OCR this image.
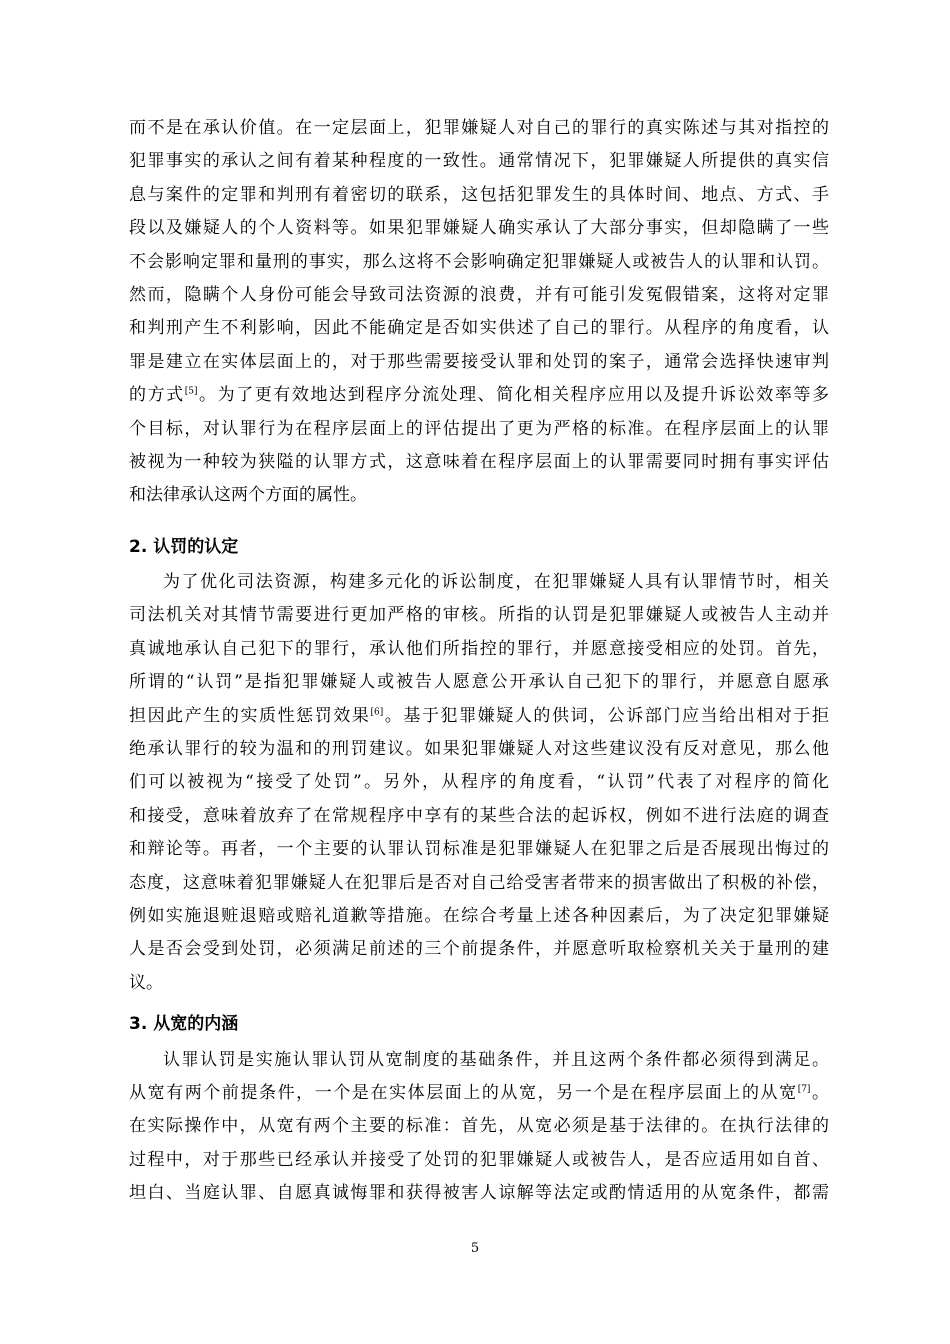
而不是在承认价值。在一定层面上，犯罪嫌疑人对自己的罪行的真实陈述与其对指控的
犯罪事实的承认之间有着某种程度的一致性。通常情况下，犯罪嫌疑人所提供的真实信
息与案件的定罪和判刑有着密切的联系，这包括犯罪发生的具体时间、地点、方式、手
段以及嫌疑人的个人资料等。如果犯罪嫌疑人确实承认了大部分事实，但却隐瞒了一些
不会影响定罪和量刑的事实，那么这将不会影响确定犯罪嫌疑人或被告人的认罪和认罚。
然而，隐瞒个人身份可能会导致司法资源的浪费，并有可能引发冤假错案，这将对定罪
和判刑产生不利影响，因此不能确定是否如实供述了自己的罪行。从程序的角度看，认
罪是建立在实体层面上的，对于那些需要接受认罪和处罚的案子，通常会选择快速审判
的方式[5]。为了更有效地达到程序分流处理、简化相关程序应用以及提升诉讼效率等多
个目标，对认罪行为在程序层面上的评估提出了更为严格的标准。在程序层面上的认罪
被视为一种较为狭隘的认罪方式，这意味着在程序层面上的认罪需要同时拥有事实评估
和法律承认这两个方面的属性。
2. 认罚的认定
为了优化司法资源，构建多元化的诉讼制度，在犯罪嫌疑人具有认罪情节时，相关
司法机关对其情节需要进行更加严格的审核。所指的认罚是犯罪嫌疑人或被告人主动并
真诚地承认自己犯下的罪行，承认他们所指控的罪行，并愿意接受相应的处罚。首先，
所谓的“认罚”是指犯罪嫌疑人或被告人愿意公开承认自己犯下的罪行，并愿意自愿承
担因此产生的实质性惩罚效果[6]。基于犯罪嫌疑人的供词，公诉部门应当给出相对于拒
绝承认罪行的较为温和的刑罚建议。如果犯罪嫌疑人对这些建议没有反对意见，那么他
们可以被视为“接受了处罚”。另外，从程序的角度看，“认罚”代表了对程序的简化
和接受，意味着放弃了在常规程序中享有的某些合法的起诉权，例如不进行法庭的调查
和辩论等。再者，一个主要的认罪认罚标准是犯罪嫌疑人在犯罪之后是否展现出悔过的
态度，这意味着犯罪嫌疑人在犯罪后是否对自己给受害者带来的损害做出了积极的补偿，
例如实施退赃退赔或赔礼道歉等措施。在综合考量上述各种因素后，为了决定犯罪嫌疑
人是否会受到处罚，必须满足前述的三个前提条件，并愿意听取检察机关关于量刑的建
议。
3. 从宽的内涵
认罪认罚是实施认罪认罚从宽制度的基础条件，并且这两个条件都必须得到满足。
从宽有两个前提条件，一个是在实体层面上的从宽，另一个是在程序层面上的从宽[7]。
在实际操作中，从宽有两个主要的标准：首先，从宽必须是基于法律的。在执行法律的
过程中，对于那些已经承认并接受了处罚的犯罪嫌疑人或被告人，是否应适用如自首、
坦白、当庭认罪、自愿真诚悔罪和获得被害人谅解等法定或酌情适用的从宽条件，都需
5
